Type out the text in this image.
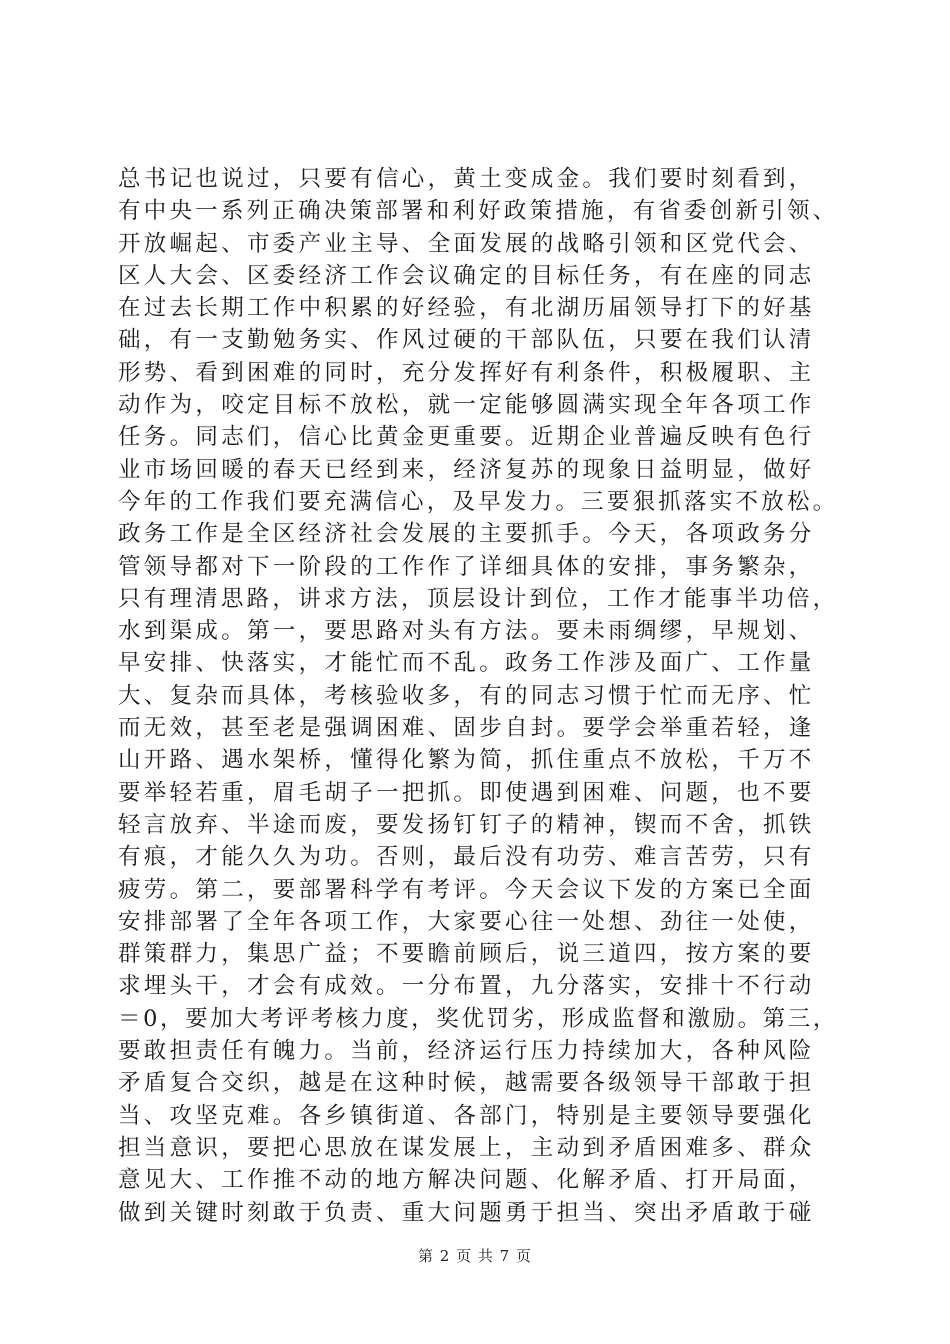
总书记也说过，只要有信心，黄土变成金。我们要时刻看到，
有中央一系列正确决策部署和利好政策措施，有省委创新引领、
开放崛起、市委产业主导、全面发展的战略引领和区党代会、
区人大会、区委经济工作会议确定的目标任务，有在座的同志
在过去长期工作中积累的好经验，有北湖历届领导打下的好基
础，有一支勤勉务实、作风过硬的干部队伍，只要在我们认清
形势、看到困难的同时，充分发挥好有利条件，积极履职、主
动作为，咬定目标不放松，就一定能够圆满实现全年各项工作
任务。同志们，信心比黄金更重要。近期企业普遍反映有色行
业市场回暖的春天已经到来，经济复苏的现象日益明显，做好
今年的工作我们要充满信心，及早发力。三要狠抓落实不放松。
政务工作是全区经济社会发展的主要抓手。今天，各项政务分
管领导都对下一阶段的工作作了详细具体的安排，事务繁杂，
只有理清思路，讲求方法，顶层设计到位，工作才能事半功倍，
水到渠成。第一，要思路对头有方法。要未雨绸缪，早规划、
早安排、快落实，才能忙而不乱。政务工作涉及面广、工作量
大、复杂而具体，考核验收多，有的同志习惯于忙而无序、忙
而无效，甚至老是强调困难、固步自封。要学会举重若轻，逢
山开路、遇水架桥，懂得化繁为简，抓住重点不放松，千万不
要举轻若重，眉毛胡子一把抓。即使遇到困难、问题，也不要
轻言放弃、半途而废，要发扬钉钉子的精神，锲而不舍，抓铁
有痕，才能久久为功。否则，最后没有功劳、难言苦劳，只有
疲劳。第二，要部署科学有考评。今天会议下发的方案已全面
安排部署了全年各项工作，大家要心往一处想、劲往一处使，
群策群力，集思广益；不要瞻前顾后，说三道四，按方案的要
求埋头干，才会有成效。一分布置，九分落实，安排十不行动
＝0，要加大考评考核力度，奖优罚劣，形成监督和激励。第三，
要敢担责任有魄力。当前，经济运行压力持续加大，各种风险
矛盾复合交织，越是在这种时候，越需要各级领导干部敢于担
当、攻坚克难。各乡镇街道、各部门，特别是主要领导要强化
担当意识，要把心思放在谋发展上，主动到矛盾困难多、群众
意见大、工作推不动的地方解决问题、化解矛盾、打开局面，
做到关键时刻敢于负责、重大问题勇于担当、突出矛盾敢于碰
第 2 页 共 7 页
